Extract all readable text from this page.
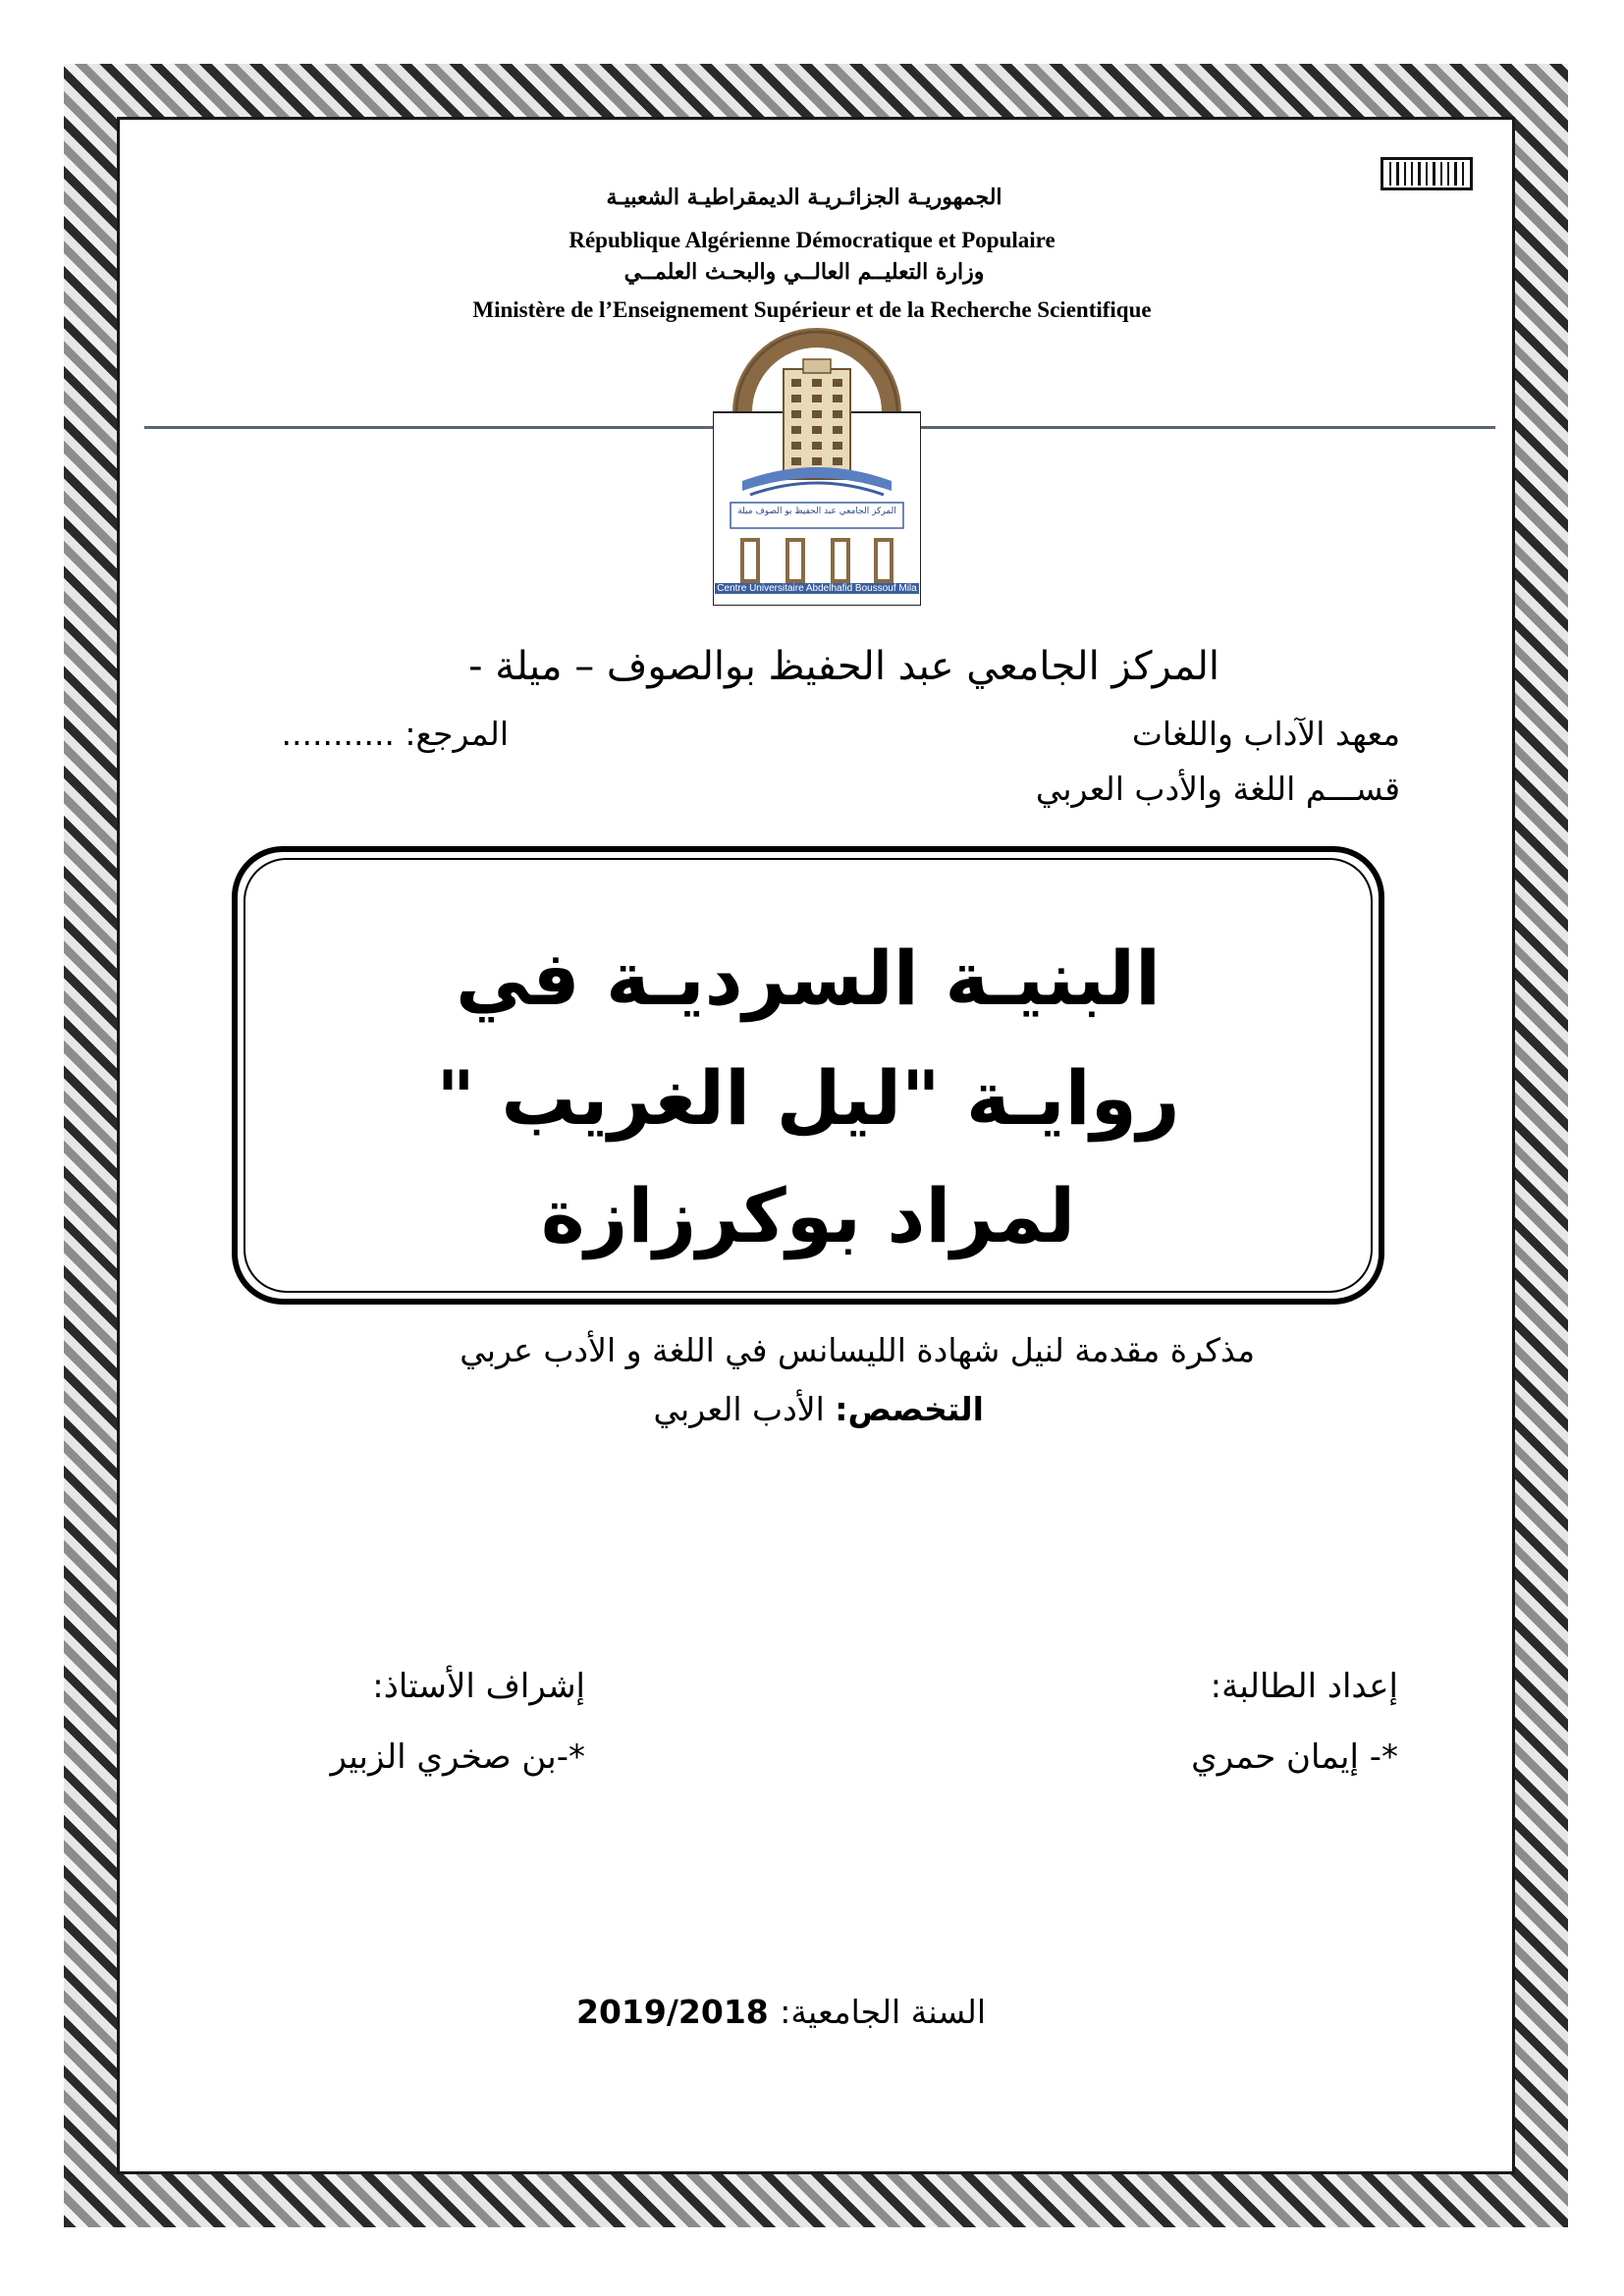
الجمهوريـة الجزائـريـة الديمقراطيـة الشعبيـة
République Algérienne Démocratique et Populaire
وزارة التعليــم العالــي والبحـث العلمــي
Ministère de l’Enseignement Supérieur et de la Recherche Scientifique
المركز الجامعي عبد الحفيظ بو الصوف ميلة
Centre Universitaire Abdelhafid Boussouf Mila
المركز الجامعي عبد الحفيظ بوالصوف – ميلة -
معهد الآداب واللغات
المرجع: ...........
قســـم اللغة والأدب العربي
البنيـة السرديـة في
روايـة "ليل الغريب "
لمراد بوكرزازة
مذكرة مقدمة لنيل شهادة الليسانس في اللغة و الأدب عربي
التخصص: الأدب العربي
إعداد الطالبة:
*- إيمان حمري
إشراف الأستاذ:
*-بن صخري الزبير
السنة الجامعية: 2019/2018
